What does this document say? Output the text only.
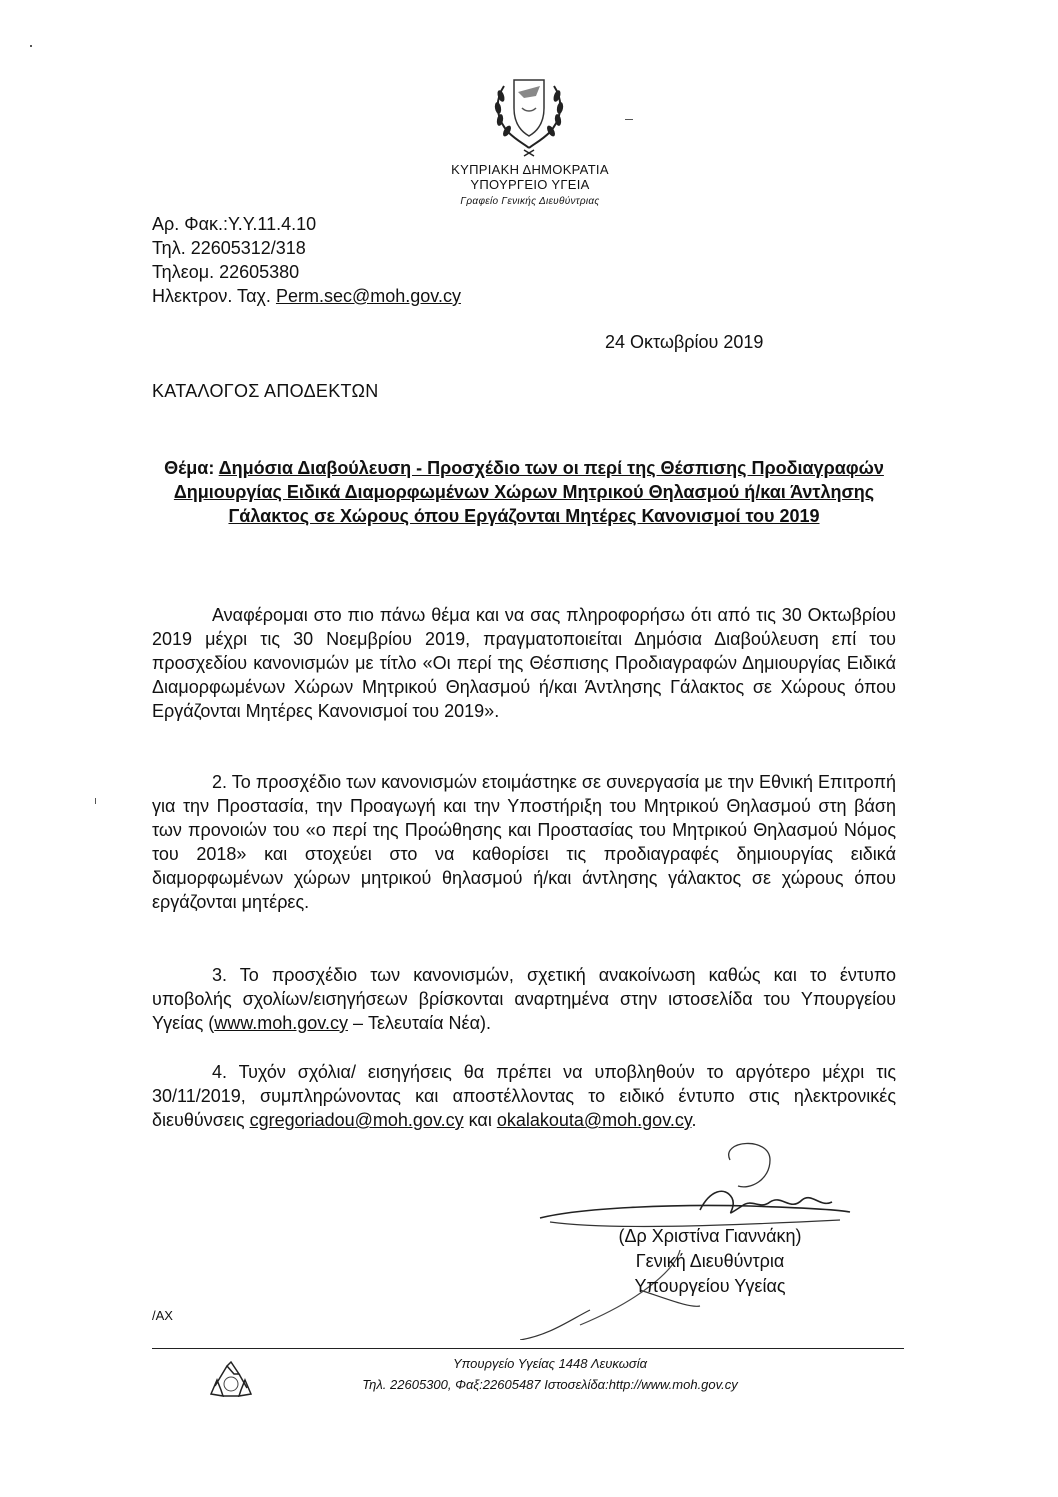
ΚΥΠΡΙΑΚΗ ΔΗΜΟΚΡΑΤΙΑ
ΥΠΟΥΡΓΕΙΟ ΥΓΕΙΑ
Γραφείο Γενικής Διευθύντριας
Αρ. Φακ.:Υ.Υ.11.4.10
Τηλ. 22605312/318
Τηλεομ. 22605380
Ηλεκτρον. Ταχ. Perm.sec@moh.gov.cy
24 Οκτωβρίου 2019
ΚΑΤΑΛΟΓΟΣ ΑΠΟΔΕΚΤΩΝ
Θέμα: Δημόσια Διαβούλευση - Προσχέδιο των οι περί της Θέσπισης Προδιαγραφών Δημιουργίας Ειδικά Διαμορφωμένων Χώρων Μητρικού Θηλασμού ή/και Άντλησης Γάλακτος σε Χώρους όπου Εργάζονται Μητέρες Κανονισμοί του 2019

Αναφέρομαι στο πιο πάνω θέμα και να σας πληροφορήσω ότι από τις 30 Οκτωβρίου 2019 μέχρι τις 30 Νοεμβρίου 2019, πραγματοποιείται Δημόσια Διαβούλευση επί του προσχεδίου κανονισμών με τίτλο «Οι περί της Θέσπισης Προδιαγραφών Δημιουργίας Ειδικά Διαμορφωμένων Χώρων Μητρικού Θηλασμού ή/και Άντλησης Γάλακτος σε Χώρους όπου Εργάζονται Μητέρες Κανονισμοί του 2019».

2. Το προσχέδιο των κανονισμών ετοιμάστηκε σε συνεργασία με την Εθνική Επιτροπή για την Προστασία, την Προαγωγή και την Υποστήριξη του Μητρικού Θηλασμού στη βάση των προνοιών του «ο περί της Προώθησης και Προστασίας του Μητρικού Θηλασμού Νόμος του 2018» και στοχεύει στο να καθορίσει τις προδιαγραφές δημιουργίας ειδικά διαμορφωμένων χώρων μητρικού θηλασμού ή/και άντλησης γάλακτος σε χώρους όπου εργάζονται μητέρες.

3. Το προσχέδιο των κανονισμών, σχετική ανακοίνωση καθώς και το έντυπο υποβολής σχολίων/εισηγήσεων βρίσκονται αναρτημένα στην ιστοσελίδα του Υπουργείου Υγείας (www.moh.gov.cy – Τελευταία Νέα).

4. Τυχόν σχόλια/ εισηγήσεις θα πρέπει να υποβληθούν το αργότερο μέχρι τις 30/11/2019, συμπληρώνοντας και αποστέλλοντας το ειδικό έντυπο στις ηλεκτρονικές διευθύνσεις cgregoriadou@moh.gov.cy και okalakouta@moh.gov.cy.

(Δρ Χριστίνα Γιαννάκη)
Γενική Διευθύντρια
Υπουργείου Υγείας
/ΑΧ
Υπουργείο Υγείας 1448 Λευκωσία
Τηλ. 22605300, Φαξ:22605487 Ιστοσελίδα:http://www.moh.gov.cy
